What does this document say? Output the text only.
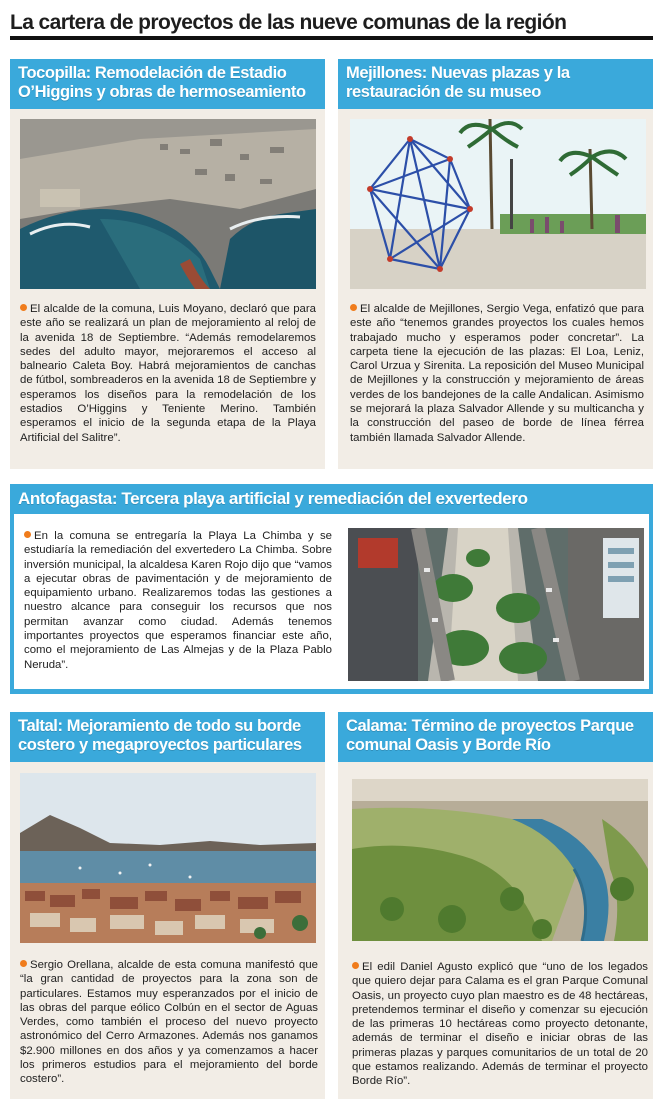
La cartera de proyectos de las nueve comunas de la región
Tocopilla: Remodelación de Estadio O’Higgins y obras de hermoseamiento
El alcalde de la comuna, Luis Moyano, declaró que para este año se realizará un plan de mejoramiento al reloj de la avenida 18 de Septiembre. “Además remodelaremos sedes del adulto mayor, mejoraremos el acceso al balneario Caleta Boy. Habrá mejoramientos de canchas de fútbol, sombreaderos en la avenida 18 de Septiembre y esperamos los diseños para la remodelación de los estadios O’Higgins y Teniente Merino. También esperamos el inicio de la segunda etapa de la Playa Artificial del Salitre”.
Mejillones: Nuevas plazas y la restauración de su museo
El alcalde de Mejillones, Sergio Vega, enfatizó que para este año “tenemos grandes proyectos los cuales hemos trabajado mucho y esperamos poder concretar”. La carpeta tiene la ejecución de las plazas: El Loa, Leniz, Carol Urzua y Sirenita. La reposición del Museo Municipal de Mejillones y la construcción y mejoramiento de áreas verdes de los bandejones de la calle Andalican. Asimismo se mejorará la plaza Salvador Allende y su multicancha y la construcción del paseo de borde de línea férrea también llamada Salvador Allende.
Antofagasta: Tercera playa artificial y remediación del exvertedero
En la comuna se entregaría la Playa La Chimba y se estudiaría la remediación del exvertedero La Chimba. Sobre inversión municipal, la alcaldesa Karen Rojo dijo que “vamos a ejecutar obras de pavimentación y de mejoramiento de equipamiento urbano. Realizaremos todas las gestiones a nuestro alcance para conseguir los recursos que nos permitan avanzar como ciudad. Además tenemos importantes proyectos que esperamos financiar este año, como el mejoramiento de Las Almejas y de la Plaza Pablo Neruda”.
Taltal: Mejoramiento de todo su borde costero y megaproyectos particulares
Sergio Orellana, alcalde de esta comuna manifestó que “la gran cantidad de proyectos para la zona son de particulares. Estamos muy esperanzados por el inicio de las obras del parque eólico Colbún en el sector de Aguas Verdes, como también el proceso del nuevo proyecto astronómico del Cerro Armazones. Además nos ganamos $2.900 millones en dos años y ya comenzamos a hacer los primeros estudios para el mejoramiento del borde costero”.
Calama: Término de proyectos Parque comunal Oasis y Borde Río
El edil Daniel Agusto explicó que “uno de los legados que quiero dejar para Calama es el gran Parque Comunal Oasis, un proyecto cuyo plan maestro es de 48 hectáreas, pretendemos terminar el diseño y comenzar su ejecución de las primeras 10 hectáreas como proyecto detonante, además de terminar el diseño e iniciar obras de las primeras plazas y parques comunitarios de un total de 20 que estamos realizando. Además de terminar el proyecto Borde Río”.
